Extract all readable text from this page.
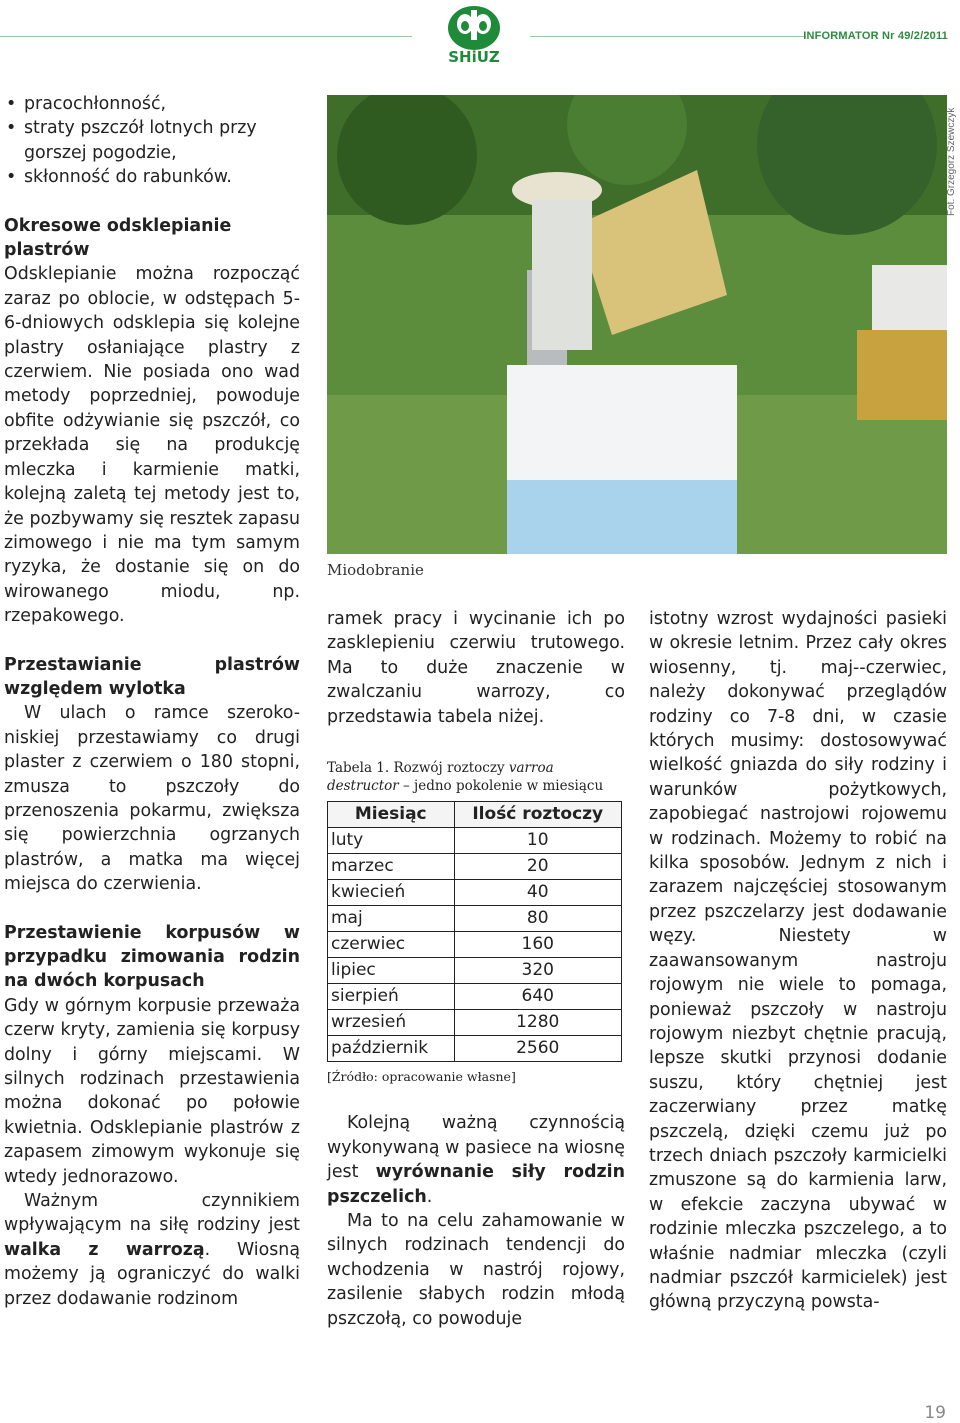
SHiUZ
INFORMATOR Nr 49/2/2011
• pracochłonność,
• straty pszczół lotnych przy gorszej pogodzie,
• skłonność do rabunków.

Okresowe odsklepianie plastrów

Odsklepianie można rozpocząć zaraz po oblocie, w odstępach 5-6-dniowych odsklepia się kolejne plastry osłaniające plastry z czerwiem. Nie posiada ono wad metody poprzedniej, powoduje obfite odżywianie się pszczół, co przekłada się na produkcję mleczka i karmienie matki, kolejną zaletą tej metody jest to, że pozbywamy się resztek zapasu zimowego i nie ma tym samym ryzyka, że dostanie się on do wirowanego miodu, np. rzepakowego.

Przestawianie plastrów względem wylotka

W ulach o ramce szeroko-niskiej przestawiamy co drugi plaster z czerwiem o 180 stopni, zmusza to pszczoły do przenoszenia pokarmu, zwiększa się powierzchnia ogrzanych plastrów, a matka ma więcej miejsca do czerwienia.

Przestawienie korpusów w przypadku zimowania rodzin na dwóch korpusach

Gdy w górnym korpusie przeważa czerw kryty, zamienia się korpusy dolny i górny miejscami. W silnych rodzinach przestawienia można dokonać po połowie kwietnia. Odsklepianie plastrów z zapasem zimowym wykonuje się wtedy jednorazowo.

Ważnym czynnikiem wpływającym na siłę rodziny jest walka z warrozą. Wiosną możemy ją ograniczyć do walki przez dodawanie rodzinom

Fot. Grzegorz Szewczyk
Miodobranie

ramek pracy i wycinanie ich po zasklepieniu czerwiu trutowego. Ma to duże znaczenie w zwalczaniu warrozy, co przedstawia tabela niżej.

Tabela 1. Rozwój roztoczy varroa destructor – jedno pokolenie w miesiącu

Miesiąc	Ilość roztoczy
luty	10
marzec	20
kwiecień	40
maj	80
czerwiec	160
lipiec	320
sierpień	640
wrzesień	1280
październik	2560

[Źródło: opracowanie własne]

Kolejną ważną czynnością wykonywaną w pasiece na wiosnę jest wyrównanie siły rodzin pszczelich.

Ma to na celu zahamowanie w silnych rodzinach tendencji do wchodzenia w nastrój rojowy, zasilenie słabych rodzin młodą pszczołą, co powoduje

istotny wzrost wydajności pasieki w okresie letnim. Przez cały okres wiosenny, tj. maj--czerwiec, należy dokonywać przeglądów rodziny co 7-8 dni, w czasie których musimy: dostosowywać wielkość gniazda do siły rodziny i warunków pożytkowych, zapobiegać nastrojowi rojowemu w rodzinach. Możemy to robić na kilka sposobów. Jednym z nich i zarazem najczęściej stosowanym przez pszczelarzy jest dodawanie węzy. Niestety w zaawansowanym nastroju rojowym nie wiele to pomaga, ponieważ pszczoły w nastroju rojowym niezbyt chętnie pracują, lepsze skutki przynosi dodanie suszu, który chętniej jest zaczerwiany przez matkę pszczelą, dzięki czemu już po trzech dniach pszczoły karmicielki zmuszone są do karmienia larw, w efekcie zaczyna ubywać w rodzinie mleczka pszczelego, a to właśnie nadmiar mleczka (czyli nadmiar pszczół karmicielek) jest główną przyczyną powsta-

19
